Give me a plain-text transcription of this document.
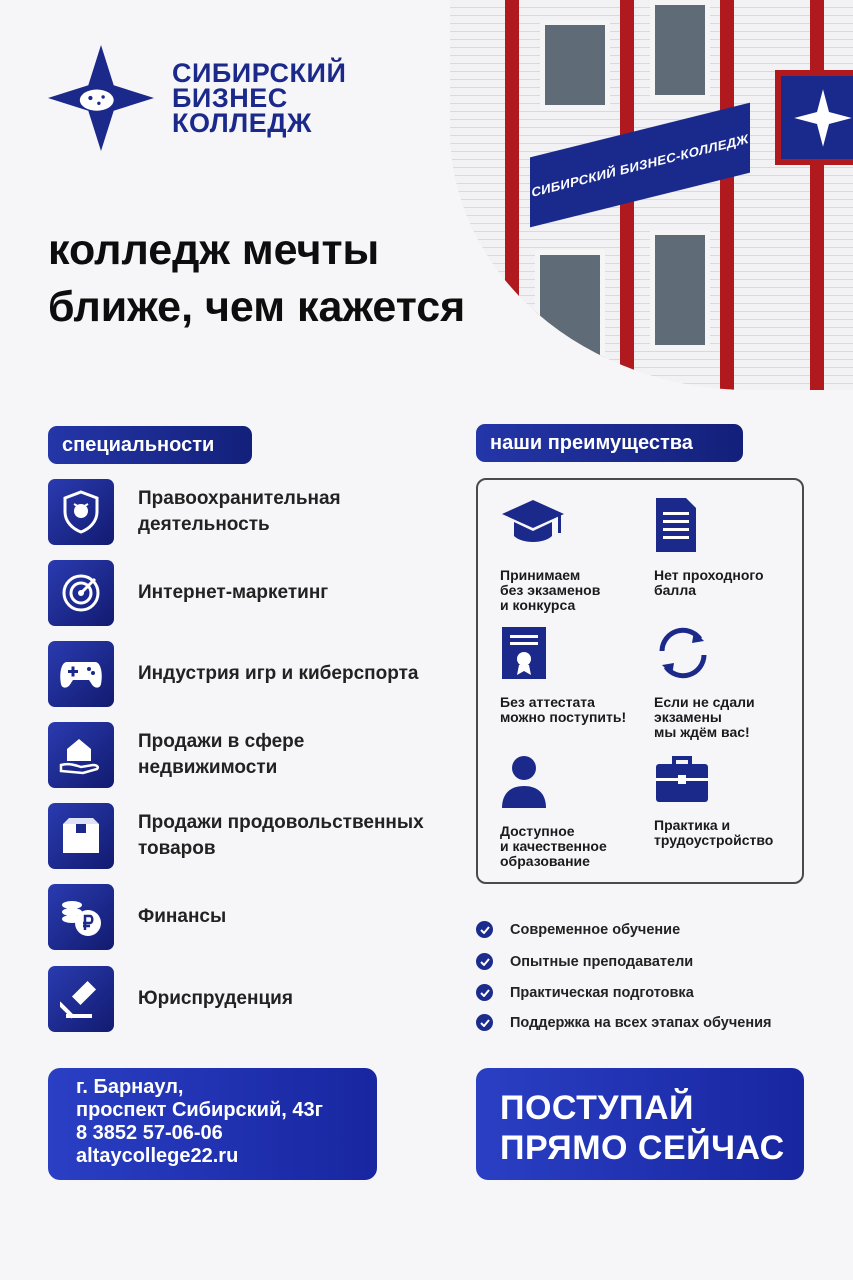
СИБИРСКИЙ БИЗНЕС-КОЛЛЕДЖ
СИБИРСКИЙ
БИЗНЕС
КОЛЛЕДЖ
колледж мечты
ближе, чем кажется
специальности
Правоохранительная деятельность
Интернет-маркетинг
Индустрия игр и киберспорта
Продажи в сфере недвижимости
Продажи продовольственных товаров
Финансы
Юриспруденция
наши преимущества
Принимаем
без экзаменов
и конкурса
Нет проходного
балла
Без аттестата
можно поступить!
Если не сдали
экзамены
мы ждём вас!
Доступное
и качественное
образование
Практика и
трудоустройство
Современное обучение
Опытные преподаватели
Практическая подготовка
Поддержка на всех этапах обучения
г. Барнаул,
проспект Сибирский, 43г
8 3852 57-06-06
altaycollege22.ru
ПОСТУПАЙ
ПРЯМО СЕЙЧАС
